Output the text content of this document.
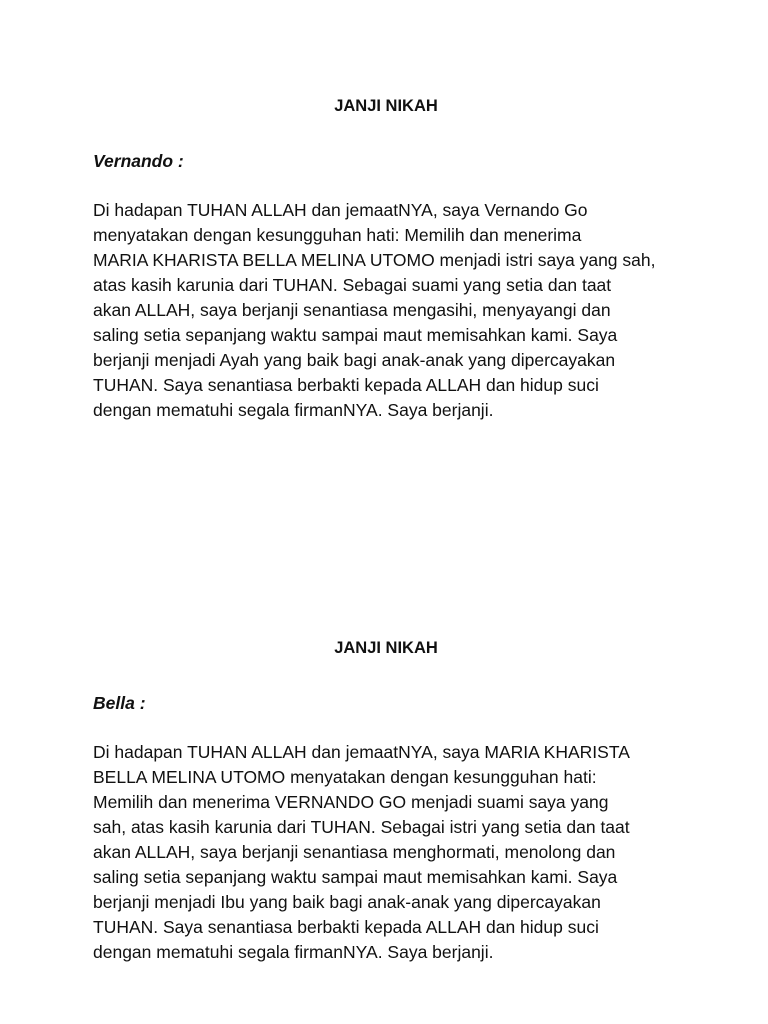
JANJI NIKAH

Vernando :

Di hadapan TUHAN ALLAH dan jemaatNYA, saya Vernando Go
menyatakan dengan kesungguhan hati: Memilih dan menerima
MARIA KHARISTA BELLA MELINA UTOMO menjadi istri saya yang sah,
atas kasih karunia dari TUHAN. Sebagai suami yang setia dan taat
akan ALLAH, saya berjanji senantiasa mengasihi, menyayangi dan
saling setia sepanjang waktu sampai maut memisahkan kami. Saya
berjanji menjadi Ayah yang baik bagi anak-anak yang dipercayakan
TUHAN. Saya senantiasa berbakti kepada ALLAH dan hidup suci
dengan mematuhi segala firmanNYA. Saya berjanji.

JANJI NIKAH

Bella :

Di hadapan TUHAN ALLAH dan jemaatNYA, saya MARIA KHARISTA
BELLA MELINA UTOMO menyatakan dengan kesungguhan hati:
Memilih dan menerima VERNANDO GO menjadi suami saya yang
sah, atas kasih karunia dari TUHAN. Sebagai istri yang setia dan taat
akan ALLAH, saya berjanji senantiasa menghormati, menolong dan
saling setia sepanjang waktu sampai maut memisahkan kami. Saya
berjanji menjadi Ibu yang baik bagi anak-anak yang dipercayakan
TUHAN. Saya senantiasa berbakti kepada ALLAH dan hidup suci
dengan mematuhi segala firmanNYA. Saya berjanji.
